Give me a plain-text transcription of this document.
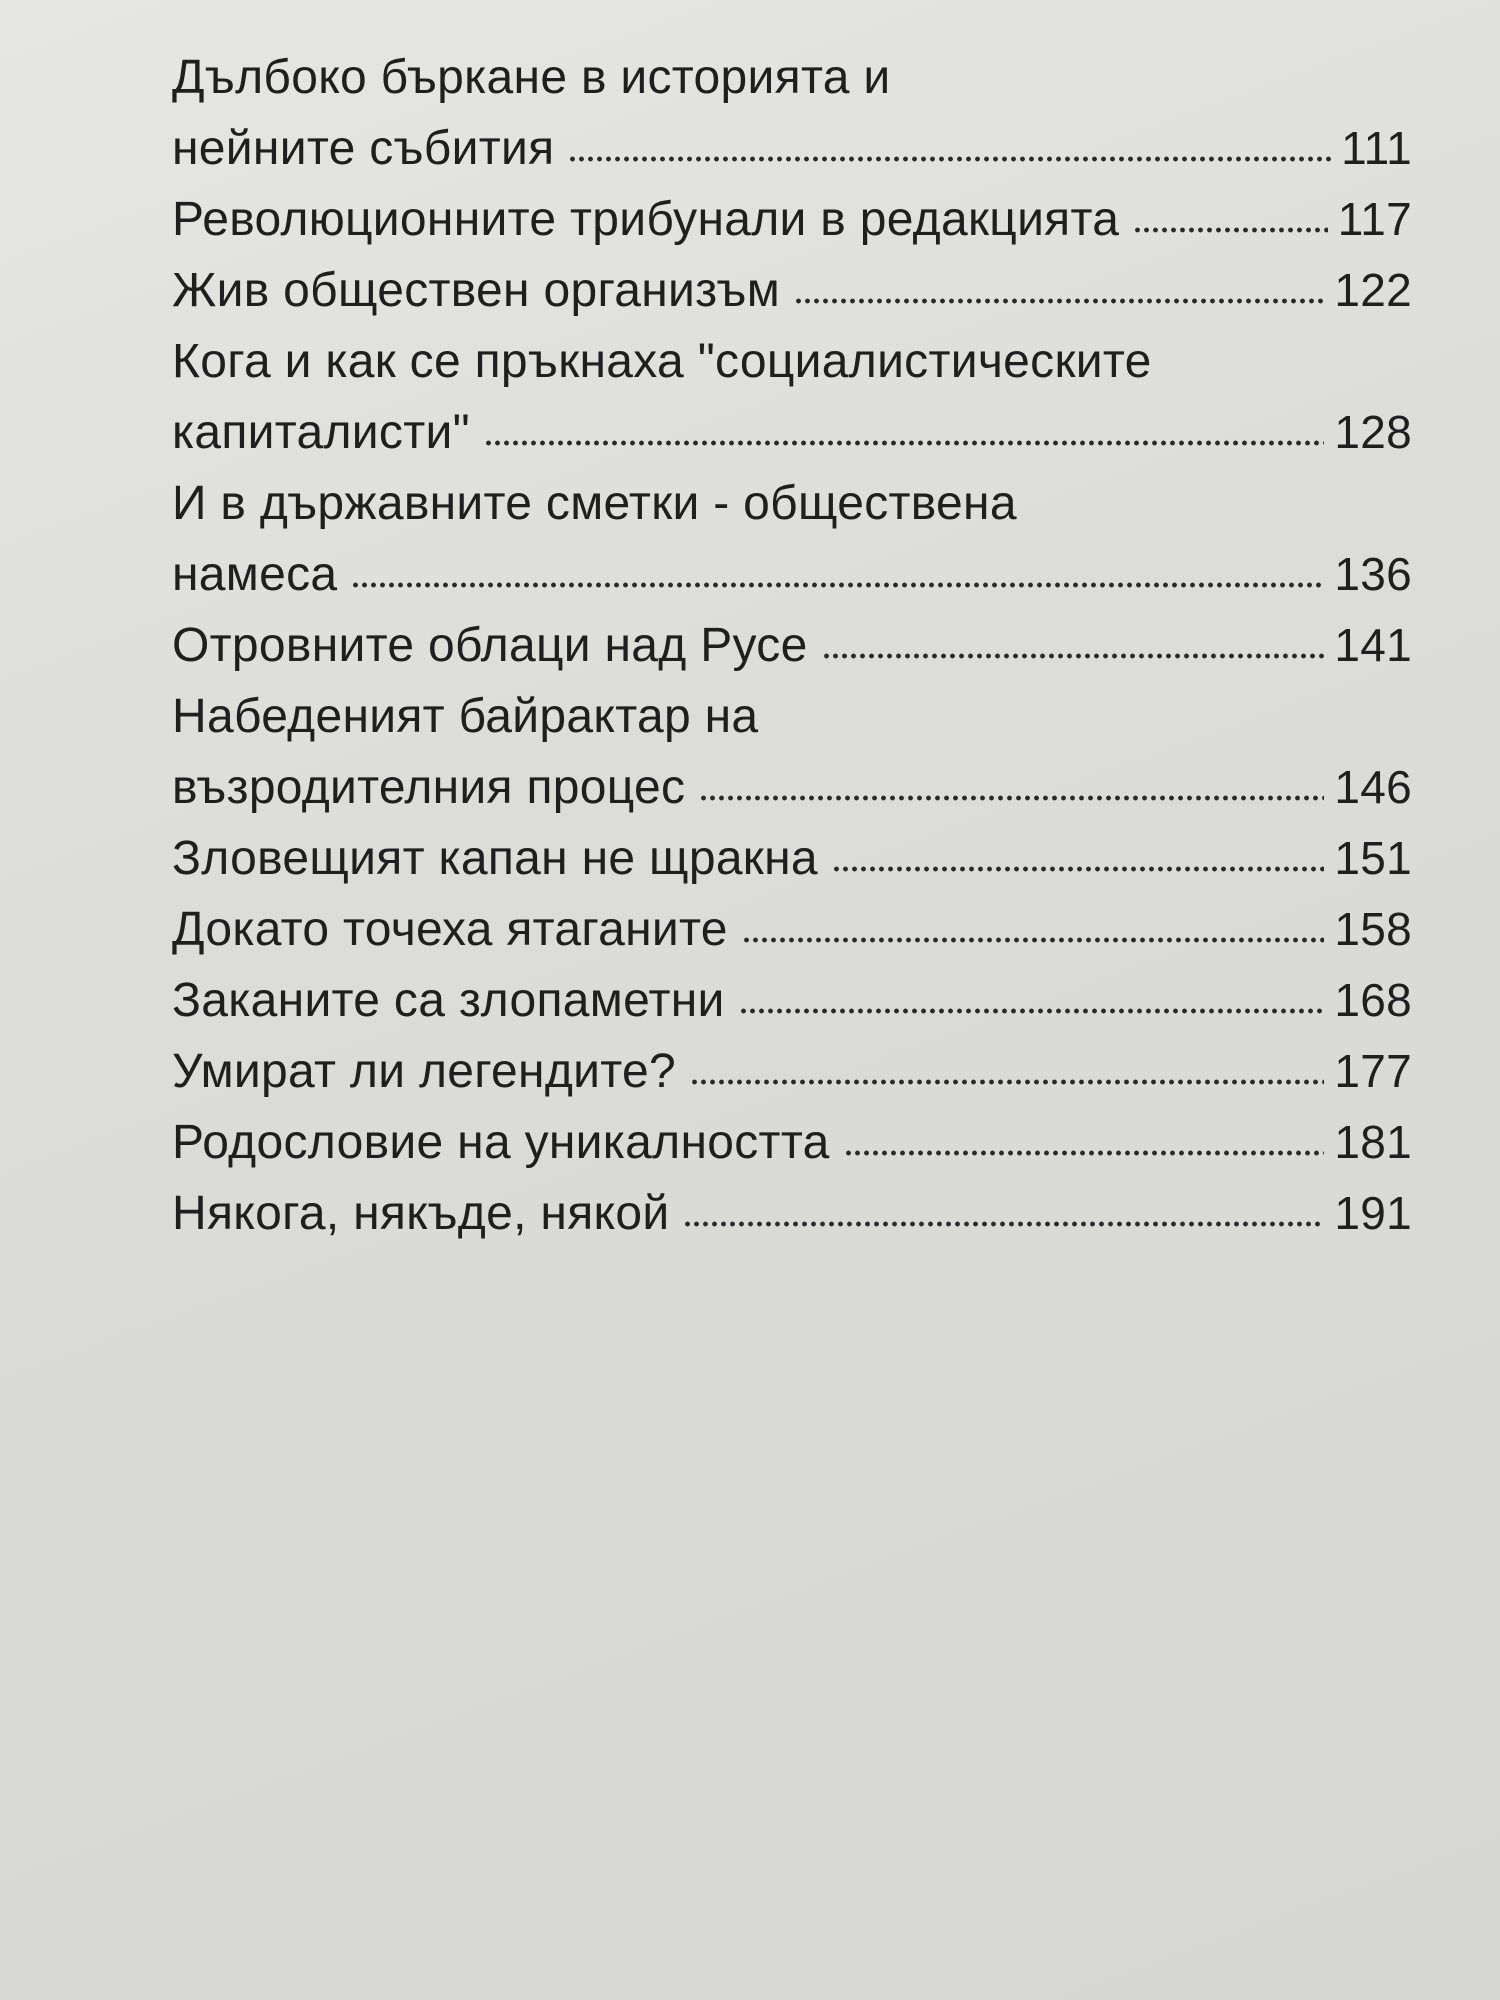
Дълбоко бъркане в историята и
нейните събития	111
Революционните трибунали в редакцията	117
Жив обществен организъм	122
Кога и как се пръкнаха "социалистическите
капиталисти"	128
И в държавните сметки - обществена
намеса	136
Отровните облаци над Русе	141
Набеденият байрактар на
възродителния процес	146
Зловещият капан не щракна	151
Докато точеха ятаганите	158
Заканите са злопаметни	168
Умират ли легендите?	177
Родословие на уникалността	181
Някога, някъде, някой	191
